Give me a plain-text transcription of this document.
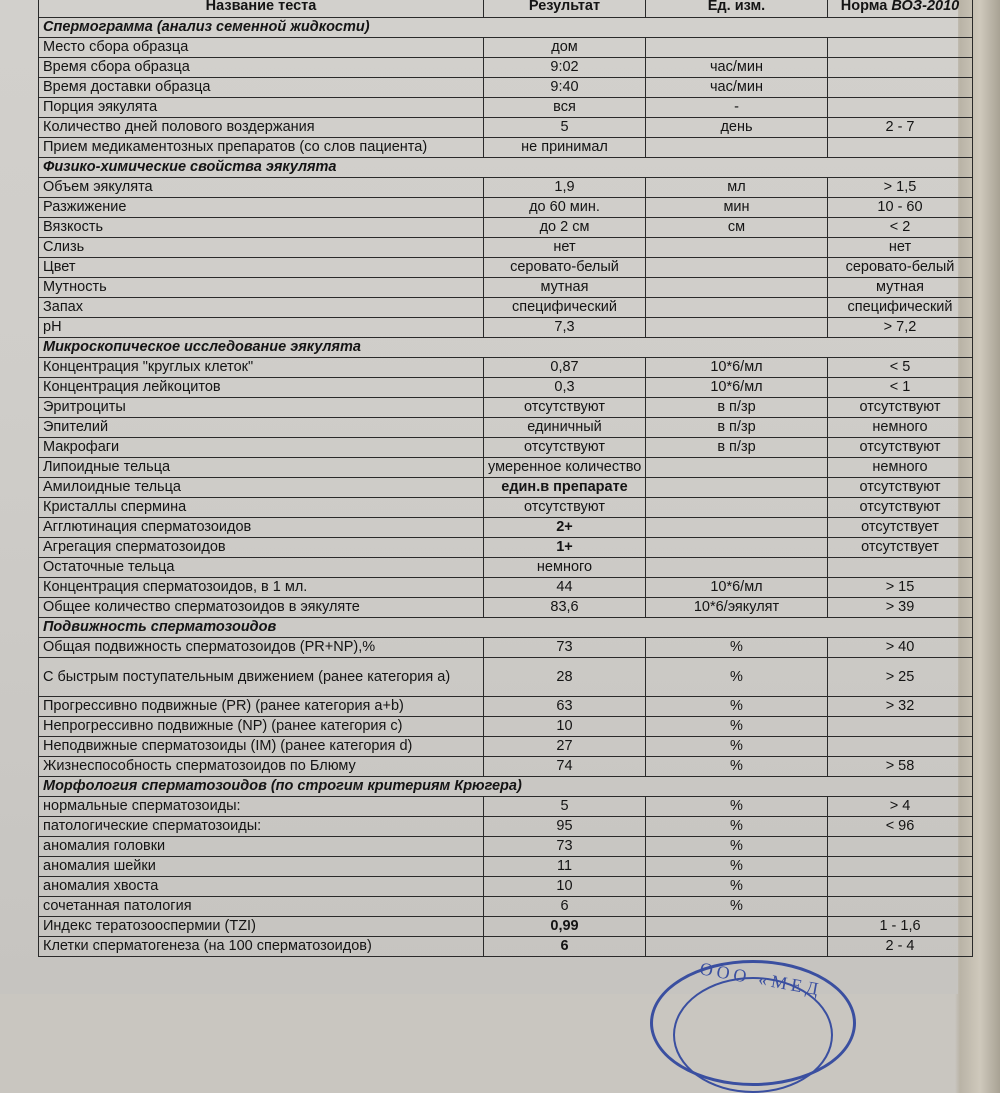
Название теста	Результат	Ед. изм.	Норма ВОЗ-2010
Спермограмма (анализ семенной жидкости)			
Место сбора образца	дом		
Время сбора образца	9:02	час/мин	
Время доставки образца	9:40	час/мин	
Порция эякулята	вся	-	
Количество дней полового воздержания	5	день	2 - 7
Прием медикаментозных препаратов (со слов пациента)	не принимал		
Физико-химические свойства эякулята			
Объем эякулята	1,9	мл	> 1,5
Разжижение	до 60 мин.	мин	10 - 60
Вязкость	до 2 см	см	< 2
Слизь	нет		нет
Цвет	серовато-белый		серовато-белый
Мутность	мутная		мутная
Запах	специфический		специфический
pH	7,3		> 7,2
Микроскопическое исследование эякулята			
Концентрация "круглых клеток"	0,87	10*6/мл	< 5
Концентрация лейкоцитов	0,3	10*6/мл	< 1
Эритроциты	отсутствуют	в п/зр	отсутствуют
Эпителий	единичный	в п/зр	немного
Макрофаги	отсутствуют	в п/зр	отсутствуют
Липоидные тельца	умеренное количество		немного
Амилоидные тельца	един.в препарате		отсутствуют
Кристаллы спермина	отсутствуют		отсутствуют
Агглютинация сперматозоидов	2+		отсутствует
Агрегация сперматозоидов	1+		отсутствует
Остаточные тельца	немного		
Концентрация сперматозоидов, в 1 мл.	44	10*6/мл	> 15
Общее количество сперматозоидов в эякуляте	83,6	10*6/эякулят	> 39
Подвижность сперматозоидов			
Общая подвижность сперматозоидов (PR+NP),%	73	%	> 40
С быстрым поступательным движением (ранее категория а)	28	%	> 25
Прогрессивно подвижные (PR) (ранее категория а+b)	63	%	> 32
Непрогрессивно подвижные (NP) (ранее категория с)	10	%	
Неподвижные сперматозоиды (IM) (ранее категория d)	27	%	
Жизнеспособность сперматозоидов по Блюму	74	%	> 58
Морфология сперматозоидов (по строгим критериям Крюгера)			
нормальные сперматозоиды:	5	%	> 4
патологические сперматозоиды:	95	%	< 96
аномалия головки	73	%	
аномалия шейки	11	%	
аномалия хвоста	10	%	
сочетанная патология	6	%	
Индекс тератозооспермии (TZI)	0,99		1 - 1,6
Клетки сперматогенеза (на 100 сперматозоидов)	6		2 - 4
ООО «МЕД
